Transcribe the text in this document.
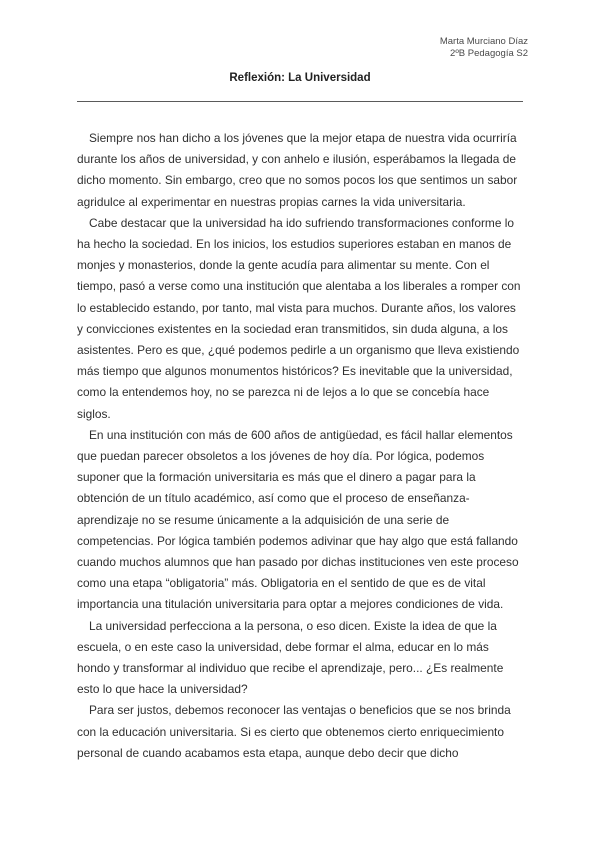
Marta Murciano Díaz
2ºB Pedagogía S2
Reflexión: La Universidad

Siempre nos han dicho a los jóvenes que la mejor etapa de nuestra vida ocurriría durante los años de universidad, y con anhelo e ilusión, esperábamos la llegada de dicho momento. Sin embargo, creo que no somos pocos los que sentimos un sabor agridulce al experimentar en nuestras propias carnes la vida universitaria.

Cabe destacar que la universidad ha ido sufriendo transformaciones conforme lo ha hecho la sociedad. En los inicios, los estudios superiores estaban en manos de monjes y monasterios, donde la gente acudía para alimentar su mente. Con el tiempo, pasó a verse como una institución que alentaba a los liberales a romper con lo establecido estando, por tanto, mal vista para muchos. Durante años, los valores y convicciones existentes en la sociedad eran transmitidos, sin duda alguna, a los asistentes. Pero es que, ¿qué podemos pedirle a un organismo que lleva existiendo más tiempo que algunos monumentos históricos? Es inevitable que la universidad, como la entendemos hoy, no se parezca ni de lejos a lo que se concebía hace siglos.

En una institución con más de 600 años de antigüedad, es fácil hallar elementos que puedan parecer obsoletos a los jóvenes de hoy día. Por lógica, podemos suponer que la formación universitaria es más que el dinero a pagar para la obtención de un título académico, así como que el proceso de enseñanza-aprendizaje no se resume únicamente a la adquisición de una serie de competencias. Por lógica también podemos adivinar que hay algo que está fallando cuando muchos alumnos que han pasado por dichas instituciones ven este proceso como una etapa “obligatoria” más. Obligatoria en el sentido de que es de vital importancia una titulación universitaria para optar a mejores condiciones de vida.

La universidad perfecciona a la persona, o eso dicen. Existe la idea de que la escuela, o en este caso la universidad, debe formar el alma, educar en lo más hondo y transformar al individuo que recibe el aprendizaje, pero... ¿Es realmente esto lo que hace la universidad?

Para ser justos, debemos reconocer las ventajas o beneficios que se nos brinda con la educación universitaria. Si es cierto que obtenemos cierto enriquecimiento personal de cuando acabamos esta etapa, aunque debo decir que dicho
